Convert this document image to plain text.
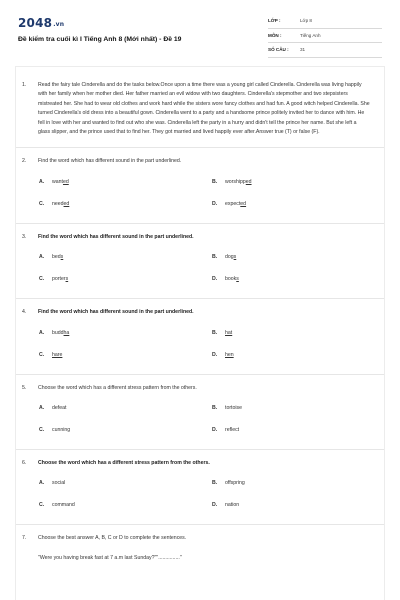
2048.vn
Đề kiểm tra cuối kì I Tiếng Anh 8 (Mới nhất) - Đề 19
LỚP :	Lớp 8
MÔN :	Tiếng Anh
SỐ CÂU :	31
1. Read the fairy tale Cinderella and do the tasks below.Once upon a time there was a young girl called Cinderella. Cinderella was living happily with her family when her mother died. Her father married an evil widow with two daughters. Cinderella's stepmother and two stepsisters mistreated her. She had to wear old clothes and work hard while the sisters wore fancy clothes and had fun. A good witch helped Cinderella. She turned Cinderella's old dress into a beautiful gown. Cinderella went to a party and a handsome prince politely invited her to dance with him. He fell in love with her and wanted to find out who she was. Cinderella left the party in a hurry and didn't tell the prince her name. But she left a glass slipper, and the prince used that to find her. They got married and lived happily ever after.Answer true (T) or false (F).
2. Find the word which has different sound in the part underlined.
A. wanted	B. worshipped
C. needed	D. expected
3. Find the word which has different sound in the part underlined.
A. beds	B. dogs
C. porters	D. books
4. Find the word which has different sound in the part underlined.
A. buddha	B. hat
C. hare	D. hen
5. Choose the word which has a different stress pattern from the others.
A. defeat	B. tortoise
C. cunning	D. reflect
6. Choose the word which has a different stress pattern from the others.
A. social	B. offspring
C. command	D. nation
7. Choose the best answer A, B, C or D to complete the sentences.
"Were you having break fast at 7 a.m last Sunday?""..............."
